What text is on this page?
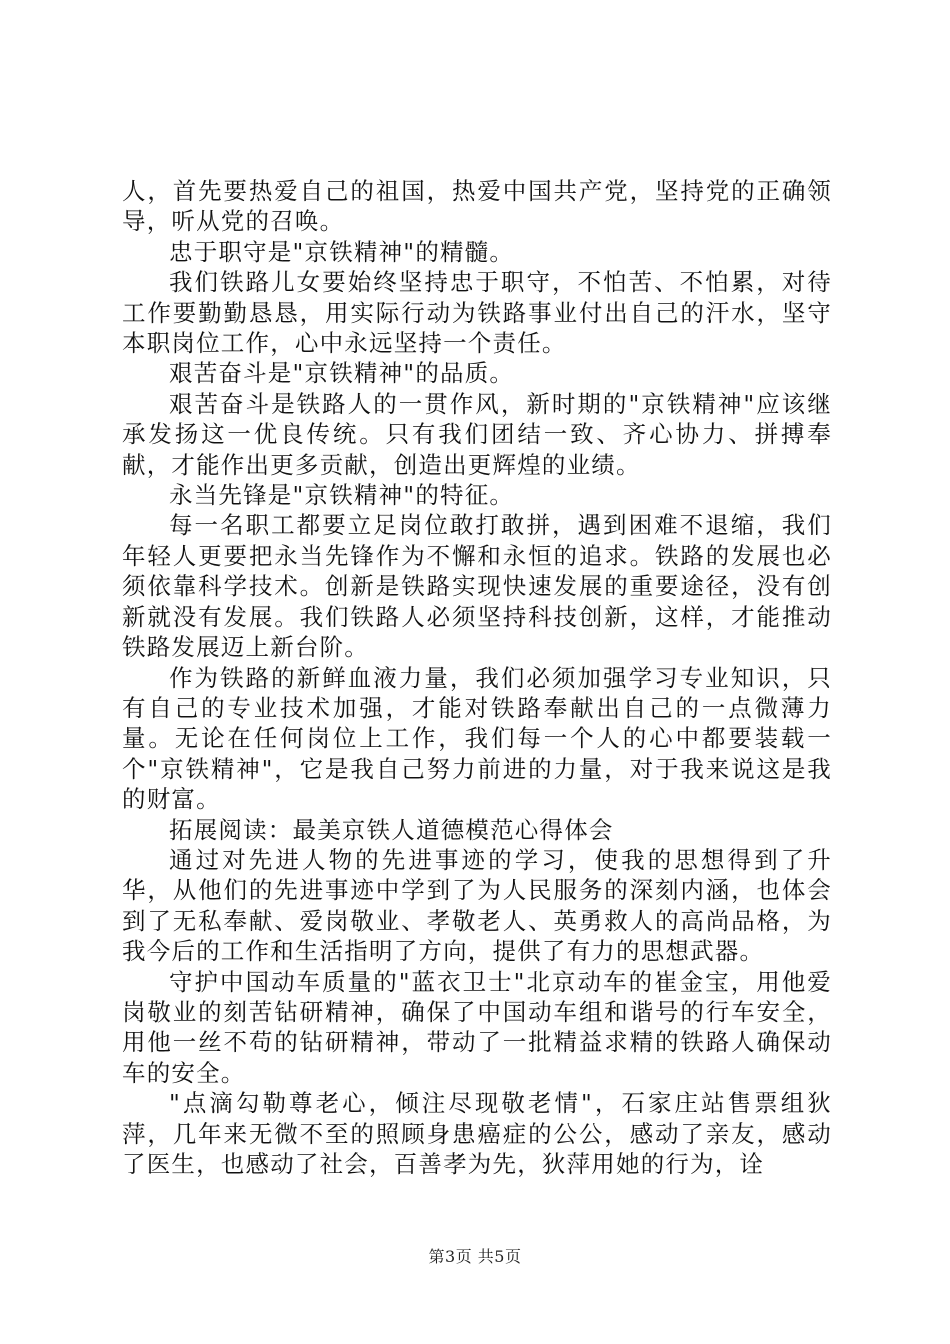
人，首先要热爱自己的祖国，热爱中国共产党，坚持党的正确领导，听从党的召唤。

忠于职守是"京铁精神"的精髓。

我们铁路儿女要始终坚持忠于职守，不怕苦、不怕累，对待工作要勤勤恳恳，用实际行动为铁路事业付出自己的汗水，坚守本职岗位工作，心中永远坚持一个责任。

艰苦奋斗是"京铁精神"的品质。

艰苦奋斗是铁路人的一贯作风，新时期的"京铁精神"应该继承发扬这一优良传统。只有我们团结一致、齐心协力、拼搏奉献，才能作出更多贡献，创造出更辉煌的业绩。

永当先锋是"京铁精神"的特征。

每一名职工都要立足岗位敢打敢拼，遇到困难不退缩，我们年轻人更要把永当先锋作为不懈和永恒的追求。铁路的发展也必须依靠科学技术。创新是铁路实现快速发展的重要途径，没有创新就没有发展。我们铁路人必须坚持科技创新，这样，才能推动铁路发展迈上新台阶。

作为铁路的新鲜血液力量，我们必须加强学习专业知识，只有自己的专业技术加强，才能对铁路奉献出自己的一点微薄力量。无论在任何岗位上工作，我们每一个人的心中都要装载一个"京铁精神"，它是我自己努力前进的力量，对于我来说这是我的财富。

拓展阅读：最美京铁人道德模范心得体会

通过对先进人物的先进事迹的学习，使我的思想得到了升华，从他们的先进事迹中学到了为人民服务的深刻内涵，也体会到了无私奉献、爱岗敬业、孝敬老人、英勇救人的高尚品格，为我今后的工作和生活指明了方向，提供了有力的思想武器。

守护中国动车质量的"蓝衣卫士"北京动车的崔金宝，用他爱岗敬业的刻苦钻研精神，确保了中国动车组和谐号的行车安全，用他一丝不苟的钻研精神，带动了一批精益求精的铁路人确保动车的安全。

"点滴勾勒尊老心，倾注尽现敬老情"，石家庄站售票组狄萍，几年来无微不至的照顾身患癌症的公公，感动了亲友，感动了医生，也感动了社会，百善孝为先，狄萍用她的行为，诠

第3页 共5页
